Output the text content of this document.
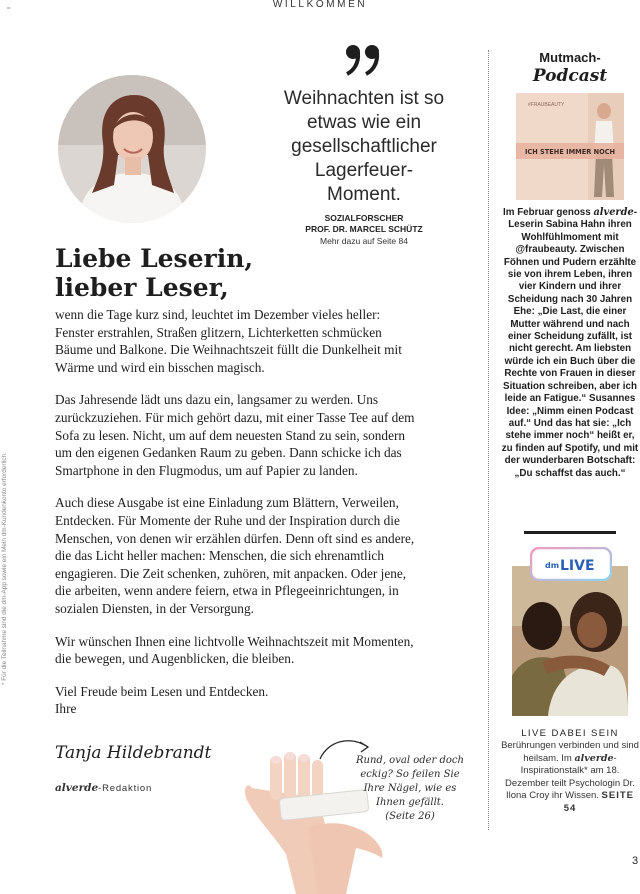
=	WILLKOMMEN
* Für die Teilnahme sind die dm-App sowie ein Mein dm-Kundenkonto erforderlich.
Weihnachten ist so etwas wie ein gesellschaftlicher Lagerfeuer-Moment.
SOZIALFORSCHER
PROF. DR. MARCEL SCHÜTZ
Mehr dazu auf Seite 84
Liebe Leserin,
lieber Leser,

wenn die Tage kurz sind, leuchtet im Dezember vieles heller: Fenster erstrahlen, Straßen glitzern, Lichterketten schmücken Bäume und Balkone. Die Weihnachtszeit füllt die Dunkelheit mit Wärme und wird ein bisschen magisch.

Das Jahresende lädt uns dazu ein, langsamer zu werden. Uns zurückzuziehen. Für mich gehört dazu, mit einer Tasse Tee auf dem Sofa zu lesen. Nicht, um auf dem neuesten Stand zu sein, sondern um den eigenen Gedanken Raum zu geben. Dann schicke ich das Smartphone in den Flugmodus, um auf Papier zu landen.

Auch diese Ausgabe ist eine Einladung zum Blättern, Verweilen, Entdecken. Für Momente der Ruhe und der Inspiration durch die Menschen, von denen wir erzählen dürfen. Denn oft sind es andere, die das Licht heller machen: Menschen, die sich ehrenamtlich engagieren. Die Zeit schenken, zuhören, mit anpacken. Oder jene, die arbeiten, wenn andere feiern, etwa in Pflegeeinrichtungen, in sozialen Diensten, in der Versorgung.

Wir wünschen Ihnen eine lichtvolle Weihnachtszeit mit Momenten, die bewegen, und Augenblicken, die bleiben.

Viel Freude beim Lesen und Entdecken.
Ihre

Tanja Hildebrandt
alverde-Redaktion
Rund, oval oder doch
eckig? So feilen Sie
Ihre Nägel, wie es
Ihnen gefällt.
(Seite 26)
Mutmach-
Podcast
#FRAUBEAUTY
ICH STEHE IMMER NOCH
Im Februar genoss alverde-Leserin Sabina Hahn ihren Wohlfühlmoment mit @fraubeauty. Zwischen Föhnen und Pudern erzählte sie von ihrem Leben, ihren vier Kindern und ihrer Scheidung nach 30 Jahren Ehe: „Die Last, die einer Mutter während und nach einer Scheidung zufällt, ist nicht gerecht. Am liebsten würde ich ein Buch über die Rechte von Frauen in dieser Situation schreiben, aber ich leide an Fatigue.“ Susannes Idee: „Nimm einen Podcast auf.“ Und das hat sie: „Ich stehe immer noch“ heißt er, zu finden auf Spotify, und mit der wunderbaren Botschaft: „Du schaffst das auch.“
dm LIVE
LIVE DABEI SEIN
Berührungen verbinden und sind heilsam. Im alverde-Inspirationstalk* am 18. Dezember teilt Psychologin Dr. Ilona Croy ihr Wissen. SEITE 54
3
